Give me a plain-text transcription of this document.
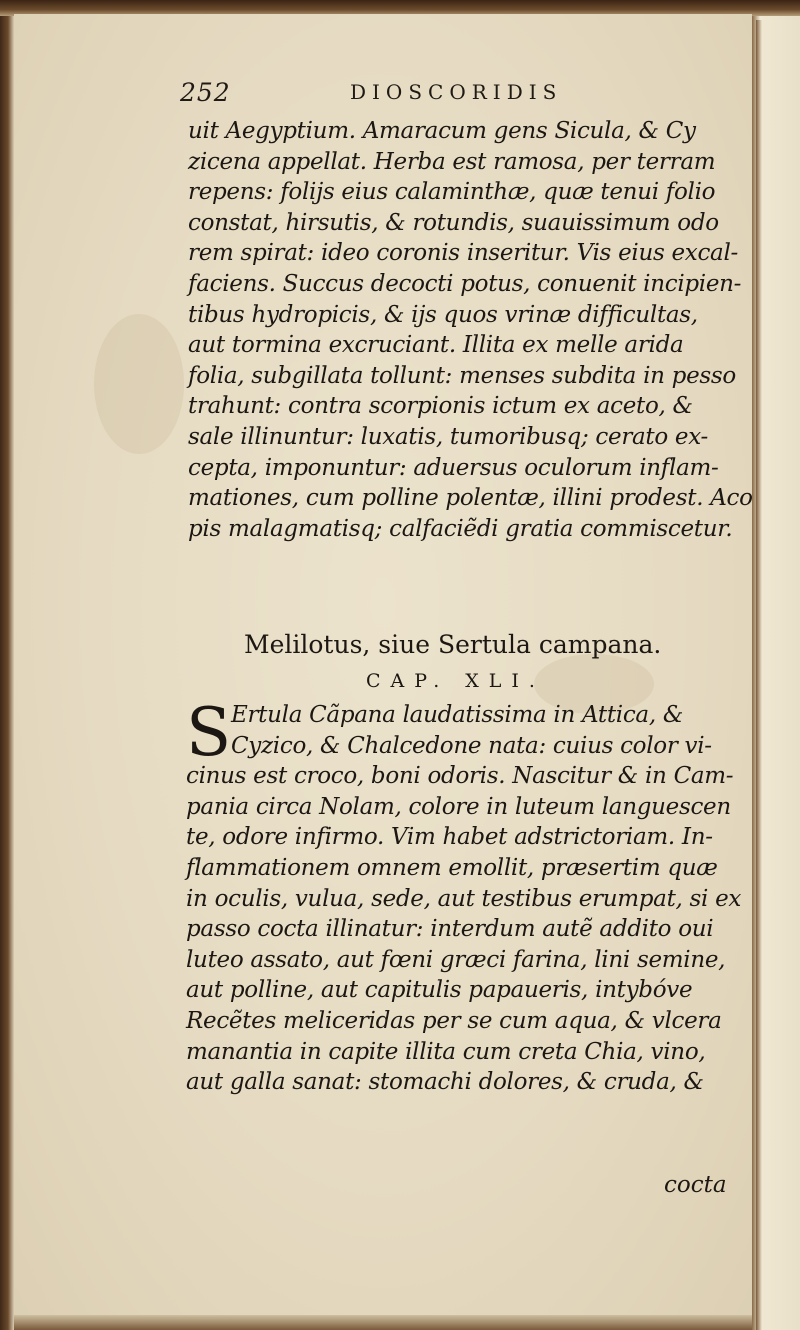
252	DIOSCORIDIS
uit Aegyptium. Amaracum gens Sicula, & Cy
zicena appellat. Herba est ramosa, per terram
repens: folijs eius calaminthæ, quæ tenui folio
constat, hirsutis, & rotundis, suauissimum odo
rem spirat: ideo coronis inseritur. Vis eius excal-
faciens. Succus decocti potus, conuenit incipien-
tibus hydropicis, & ijs quos vrinæ difficultas,
aut tormina excruciant. Illita ex melle arida
folia, subgillata tollunt: menses subdita in pesso
trahunt: contra scorpionis ictum ex aceto, &
sale illinuntur: luxatis, tumoribusq; cerato ex-
cepta, imponuntur: aduersus oculorum inflam-
mationes, cum polline polentæ, illini prodest. Aco
pis malagmatisq; calfaciẽdi gratia commiscetur.
Melilotus, siue Sertula campana.
CAP. XLI.
S Ertula Cãpana laudatissima in Attica, &
Cyzico, & Chalcedone nata: cuius color vi-
cinus est croco, boni odoris. Nascitur & in Cam-
pania circa Nolam, colore in luteum languescen
te, odore infirmo. Vim habet adstrictoriam. In-
flammationem omnem emollit, præsertim quæ
in oculis, vulua, sede, aut testibus erumpat, si ex
passo cocta illinatur: interdum autẽ addito oui
luteo assato, aut fœni græci farina, lini semine,
aut polline, aut capitulis papaueris, intybóve
Recẽtes meliceridas per se cum aqua, & vlcera
manantia in capite illita cum creta Chia, vino,
aut galla sanat: stomachi dolores, & cruda, &
cocta
